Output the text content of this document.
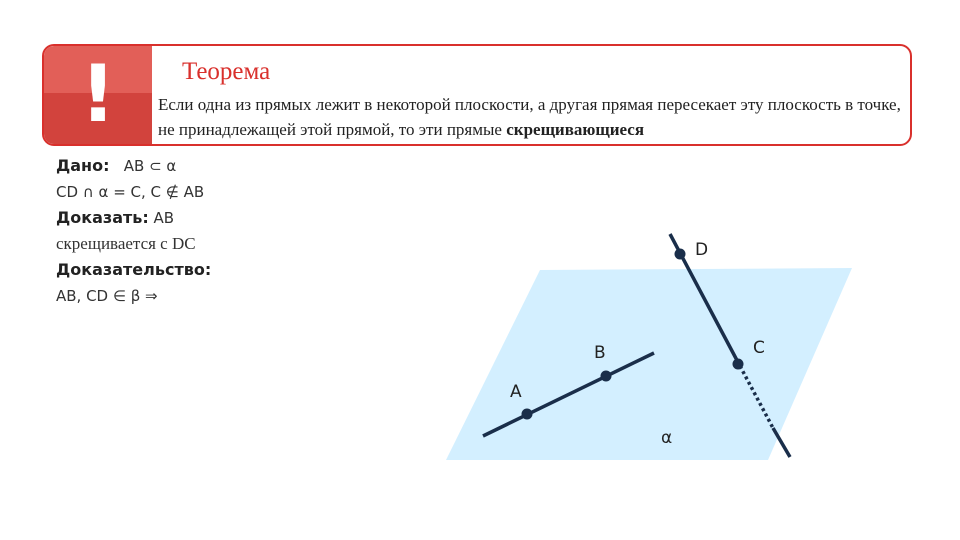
!	Теорема
Если одна из прямых лежит в некоторой плоскости, а другая прямая пересекает эту плоскость в точке, не принадлежащей этой прямой, то эти прямые скрещивающиеся
Дано: AB ⊂ α
CD ∩ α = C, C ∉ AB
Доказать: AB
скрещивается с DC
Доказательство:
AB, CD ∈ β ⇒
A
B	C
D
α
